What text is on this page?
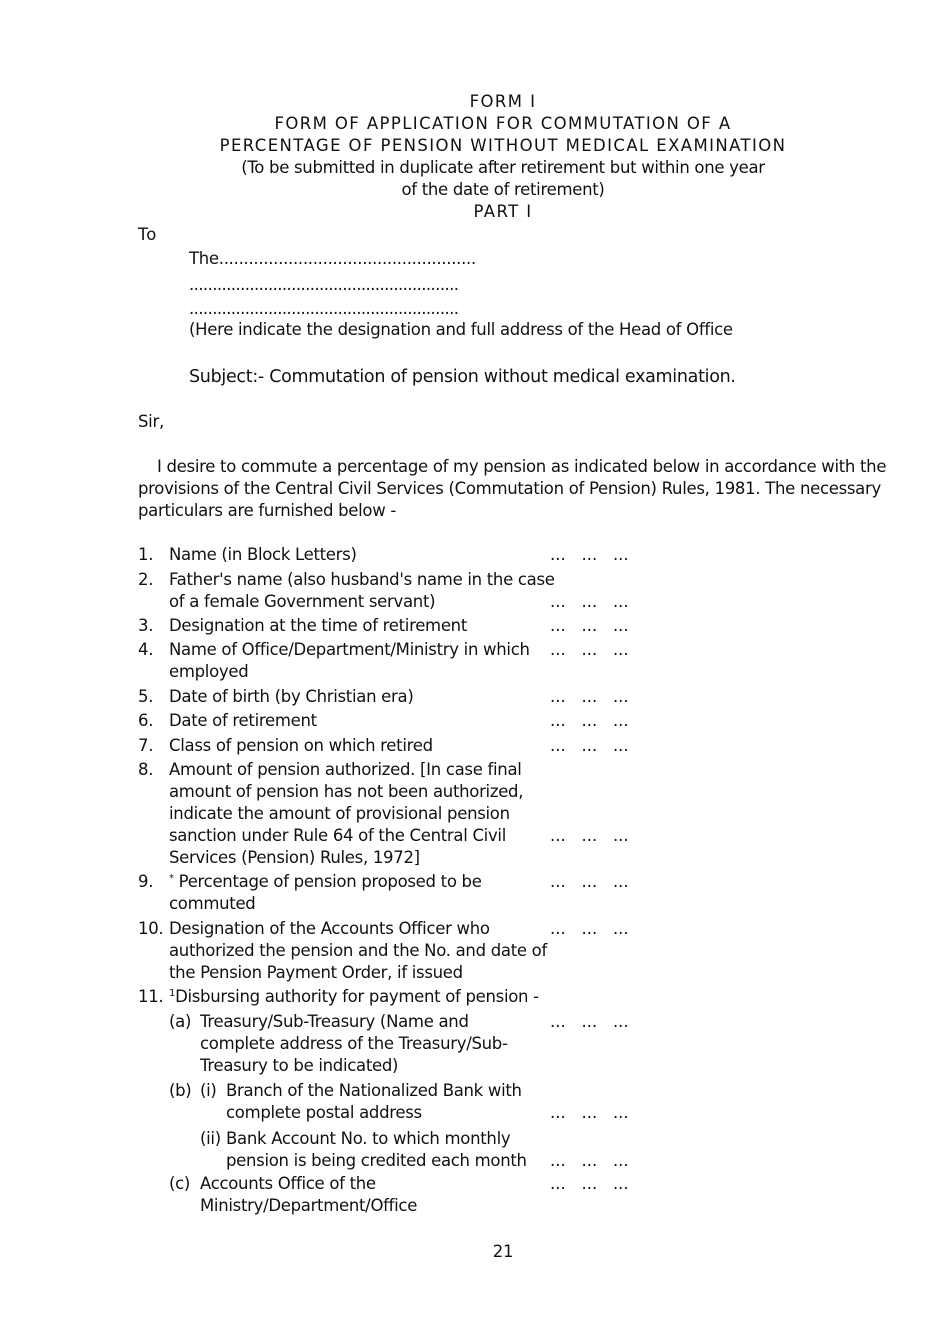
FORM I
FORM OF APPLICATION FOR COMMUTATION OF A
PERCENTAGE OF PENSION WITHOUT MEDICAL EXAMINATION
(To be submitted in duplicate after retirement but within one year
of the date of retirement)
PART I
To
The....................................................
..........................................................
..........................................................
(Here indicate the designation and full address of the Head of Office
Subject:- Commutation of pension without medical examination.
Sir,
I desire to commute a percentage of my pension as indicated below in accordance with the
provisions of the Central Civil Services (Commutation of Pension) Rules, 1981. The necessary
particulars are furnished below -
1. Name (in Block Letters)	...   ...   ...
2. Father's name (also husband's name in the case
of a female Government servant)	...   ...   ...
3. Designation at the time of retirement	...   ...   ...
4. Name of Office/Department/Ministry in which ...   ...   ...
employed
5. Date of birth (by Christian era)	...   ...   ...
6. Date of retirement	...   ...   ...
7. Class of pension on which retired	...   ...   ...
8. Amount of pension authorized. [In case final
amount of pension has not been authorized,
indicate the amount of provisional pension
sanction under Rule 64 of the Central Civil	...   ...   ...
Services (Pension) Rules, 1972]
9. * Percentage of pension proposed to be	...   ...   ...
commuted
10. Designation of the Accounts Officer who	...   ...   ...
authorized the pension and the No. and date of
the Pension Payment Order, if issued
11. $^1$Disbursing authority for payment of pension -
(a) Treasury/Sub-Treasury (Name and	...   ...   ...
complete address of the Treasury/Sub-
Treasury to be indicated)
(b) (i) Branch of the Nationalized Bank with
complete postal address	...   ...   ...
(ii) Bank Account No. to which monthly
pension is being credited each month ...   ...   ...
(c) Accounts Office of the	...   ...   ...
Ministry/Department/Office
21
